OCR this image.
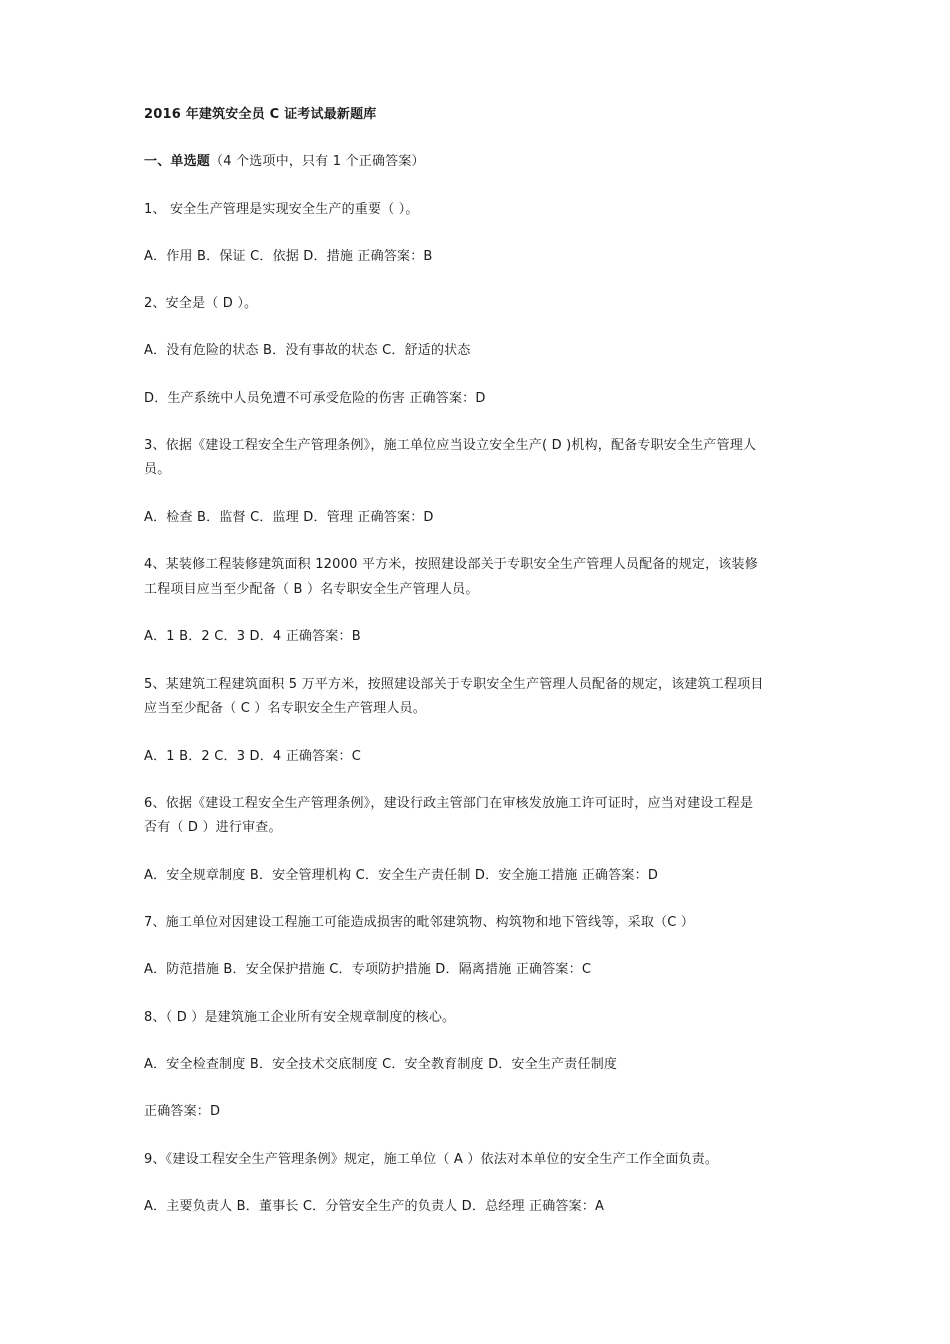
2016 年建筑安全员 C 证考试最新题库
一、单选题（4 个选项中，只有 1 个正确答案）
1、 安全生产管理是实现安全生产的重要（ ）。
A．作用 B．保证 C．依据 D．措施 正确答案：B
2、安全是（ D ）。
A．没有危险的状态 B．没有事故的状态 C．舒适的状态
D．生产系统中人员免遭不可承受危险的伤害 正确答案：D
3、依据《建设工程安全生产管理条例》，施工单位应当设立安全生产( D )机构，配备专职安全生产管理人
员。
A．检查 B．监督 C．监理 D．管理 正确答案：D
4、某装修工程装修建筑面积 12000 平方米，按照建设部关于专职安全生产管理人员配备的规定，该装修
工程项目应当至少配备（ B ）名专职安全生产管理人员。
A．1 B．2 C．3 D．4 正确答案：B
5、某建筑工程建筑面积 5 万平方米，按照建设部关于专职安全生产管理人员配备的规定，该建筑工程项目
应当至少配备（ C ）名专职安全生产管理人员。
A．1 B．2 C．3 D．4 正确答案：C
6、依据《建设工程安全生产管理条例》，建设行政主管部门在审核发放施工许可证时，应当对建设工程是
否有（ D ）进行审查。
A．安全规章制度 B．安全管理机构 C．安全生产责任制 D．安全施工措施 正确答案：D
7、施工单位对因建设工程施工可能造成损害的毗邻建筑物、构筑物和地下管线等，采取（C ）
A．防范措施 B．安全保护措施 C．专项防护措施 D．隔离措施 正确答案：C
8、（ D ）是建筑施工企业所有安全规章制度的核心。
A．安全检查制度 B．安全技术交底制度 C．安全教育制度 D．安全生产责任制度
正确答案：D
9、《建设工程安全生产管理条例》规定，施工单位（ A ）依法对本单位的安全生产工作全面负责。
A．主要负责人 B．董事长 C．分管安全生产的负责人 D．总经理 正确答案：A
